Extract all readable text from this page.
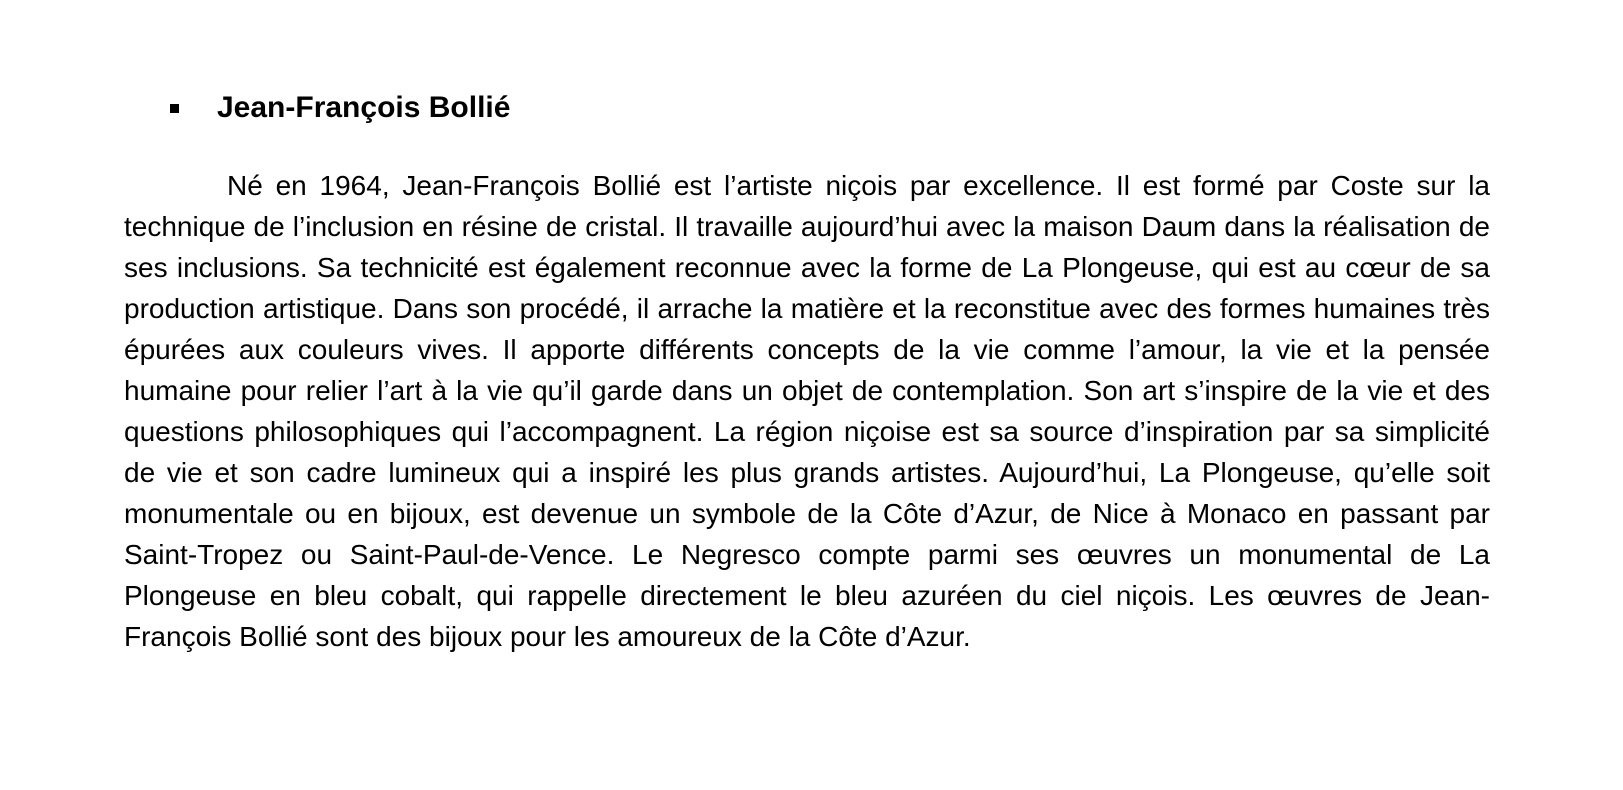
Jean-François Bollié

Né en 1964, Jean-François Bollié est l’artiste niçois par excellence. Il est formé par Coste sur la technique de l’inclusion en résine de cristal. Il travaille aujourd’hui avec la maison Daum dans la réalisation de ses inclusions. Sa technicité est également reconnue avec la forme de La Plongeuse, qui est au cœur de sa production artistique. Dans son procédé, il arrache la matière et la reconstitue avec des formes humaines très épurées aux couleurs vives. Il apporte différents concepts de la vie comme l’amour, la vie et la pensée humaine pour relier l’art à la vie qu’il garde dans un objet de contemplation. Son art s’inspire de la vie et des questions philosophiques qui l’accompagnent. La région niçoise est sa source d’inspiration par sa simplicité de vie et son cadre lumineux qui a inspiré les plus grands artistes. Aujourd’hui, La Plongeuse, qu’elle soit monumentale ou en bijoux, est devenue un symbole de la Côte d’Azur, de Nice à Monaco en passant par Saint-Tropez ou Saint-Paul-de-Vence. Le Negresco compte parmi ses œuvres un monumental de La Plongeuse en bleu cobalt, qui rappelle directement le bleu azuréen du ciel niçois. Les œuvres de Jean-François Bollié sont des bijoux pour les amoureux de la Côte d’Azur.
